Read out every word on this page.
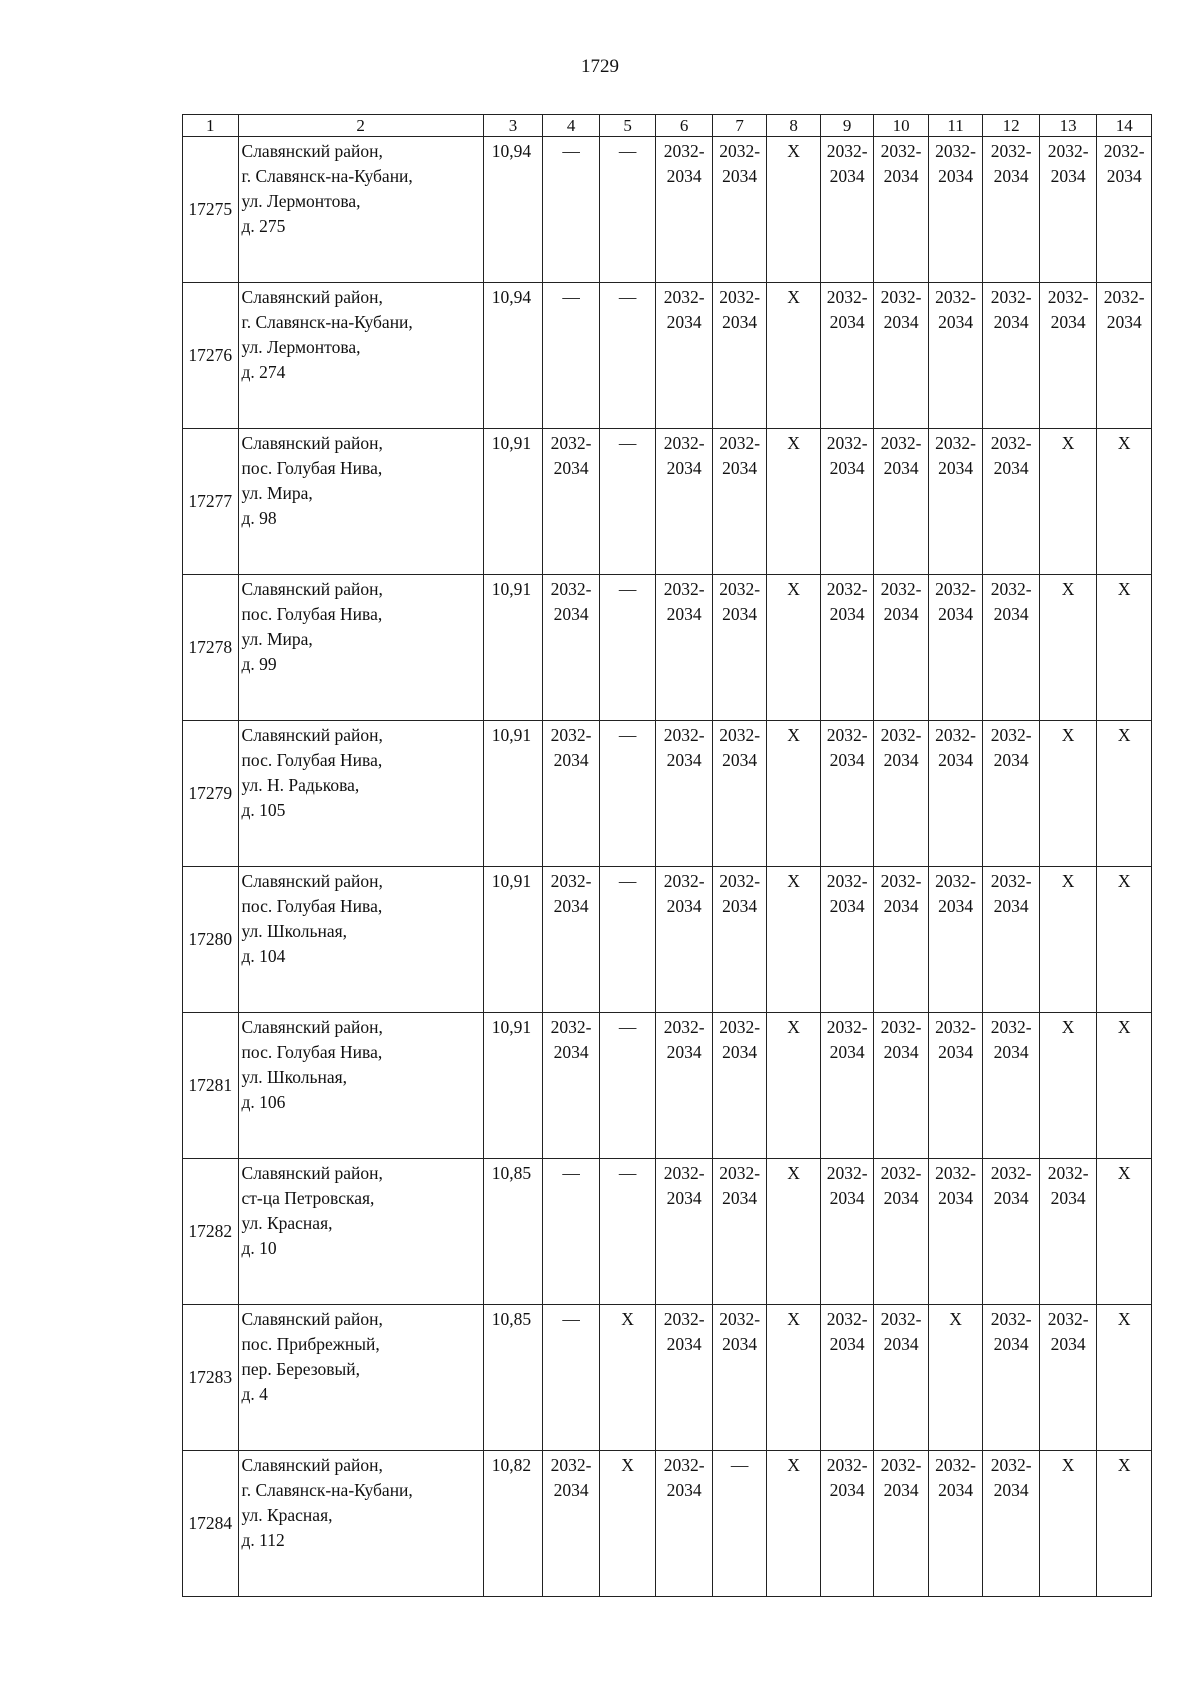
1729
1	2	3	4	5	6	7	8	9	10	11	12	13	14
17275	Славянский район,
г. Славянск-на-Кубани,
ул. Лермонтова,
д. 275	10,94	—	—	2032-
2034	2032-
2034	Х	2032-
2034	2032-
2034	2032-
2034	2032-
2034	2032-
2034	2032-
2034

17276	Славянский район,
г. Славянск-на-Кубани,
ул. Лермонтова,
д. 274	10,94	—	—	2032-
2034	2032-
2034	Х	2032-
2034	2032-
2034	2032-
2034	2032-
2034	2032-
2034	2032-
2034

17277	Славянский район,
пос. Голубая Нива,
ул. Мира,
д. 98	10,91	2032-
2034	—	2032-
2034	2032-
2034	Х	2032-
2034	2032-
2034	2032-
2034	2032-
2034	Х	Х
17278	Славянский район,
пос. Голубая Нива,
ул. Мира,
д. 99	10,91	2032-
2034	—	2032-
2034	2032-
2034	Х	2032-
2034	2032-
2034	2032-
2034	2032-
2034	Х	Х
17279	Славянский район,
пос. Голубая Нива,
ул. Н. Радькова,
д. 105	10,91	2032-
2034	—	2032-
2034	2032-
2034	Х	2032-
2034	2032-
2034	2032-
2034	2032-
2034	Х	Х
17280	Славянский район,
пос. Голубая Нива,
ул. Школьная,
д. 104	10,91	2032-
2034	—	2032-
2034	2032-
2034	Х	2032-
2034	2032-
2034	2032-
2034	2032-
2034	Х	Х
17281	Славянский район,
пос. Голубая Нива,
ул. Школьная,
д. 106	10,91	2032-
2034	—	2032-
2034	2032-
2034	Х	2032-
2034	2032-
2034	2032-
2034	2032-
2034	Х	Х
17282	Славянский район,
ст-ца Петровская,
ул. Красная,
д. 10	10,85	—	—	2032-
2034	2032-
2034	Х	2032-
2034	2032-
2034	2032-
2034	2032-
2034	2032-
2034	Х
17283	Славянский район,
пос. Прибрежный,
пер. Березовый,
д. 4	10,85	—	Х	2032-
2034	2032-
2034	Х	2032-
2034	2032-
2034	Х	2032-
2034	2032-
2034	Х
17284	Славянский район,
г. Славянск-на-Кубани,
ул. Красная,
д. 112	10,82	2032-
2034	Х	2032-
2034	—	Х	2032-
2034	2032-
2034	2032-
2034	2032-
2034	Х	Х
